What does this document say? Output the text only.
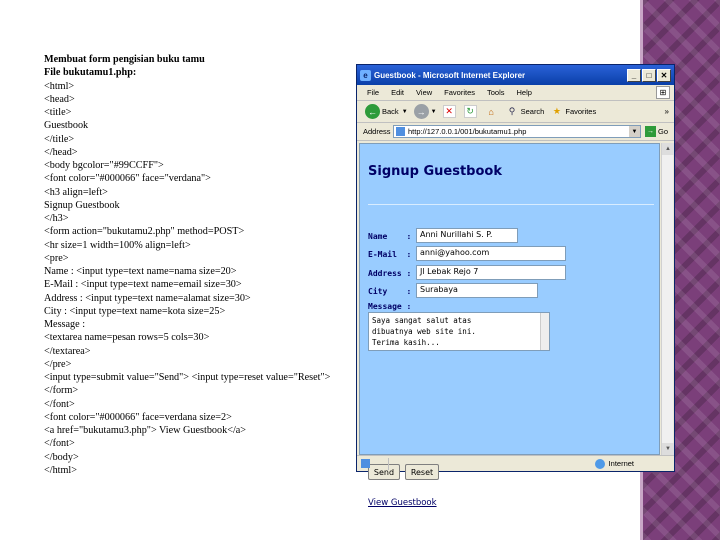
Membuat form pengisian buku tamu
File bukutamu1.php:
<html>
<head>
<title>
Guestbook
</title>
</head>
<body bgcolor="#99CCFF">
<font color="#000066" face="verdana">
<h3 align=left>
Signup Guestbook
</h3>
<form action="bukutamu2.php" method=POST>
<hr size=1 width=100% align=left>
<pre>
Name : <input type=text name=nama size=20>
E-Mail : <input type=text name=email size=30>
Address : <input type=text name=alamat size=30>
City : <input type=text name=kota size=25>
Message :
<textarea name=pesan rows=5 cols=30>
</textarea>
</pre>
<input type=submit value="Send"> <input type=reset value="Reset">
</form>
</font>
<font color="#000066" face=verdana size=2>
<a href="bukutamu3.php"> View Guestbook</a>
</font>
</body>
</html>
e Guestbook - Microsoft Internet Explorer	_	□	✕
File Edit View Favorites Tools Help	⊞
← Back ▼	→ ▼ ✕	↻	⌂	⚲ Search ★ Favorites	»
Address	http://127.0.0.1/001/bukutamu1.php	▼	→ Go
Signup Guestbook
Name    :	Anni Nurillahi S. P.
E-Mail  :	anni@yahoo.com
Address :	Jl Lebak Rejo 7
City    :	Surabaya
Message :
Saya sangat salut atas
dibuatnya web site ini.
Terima kasih...
Send	Reset
View Guestbook
▲
▼
Internet
